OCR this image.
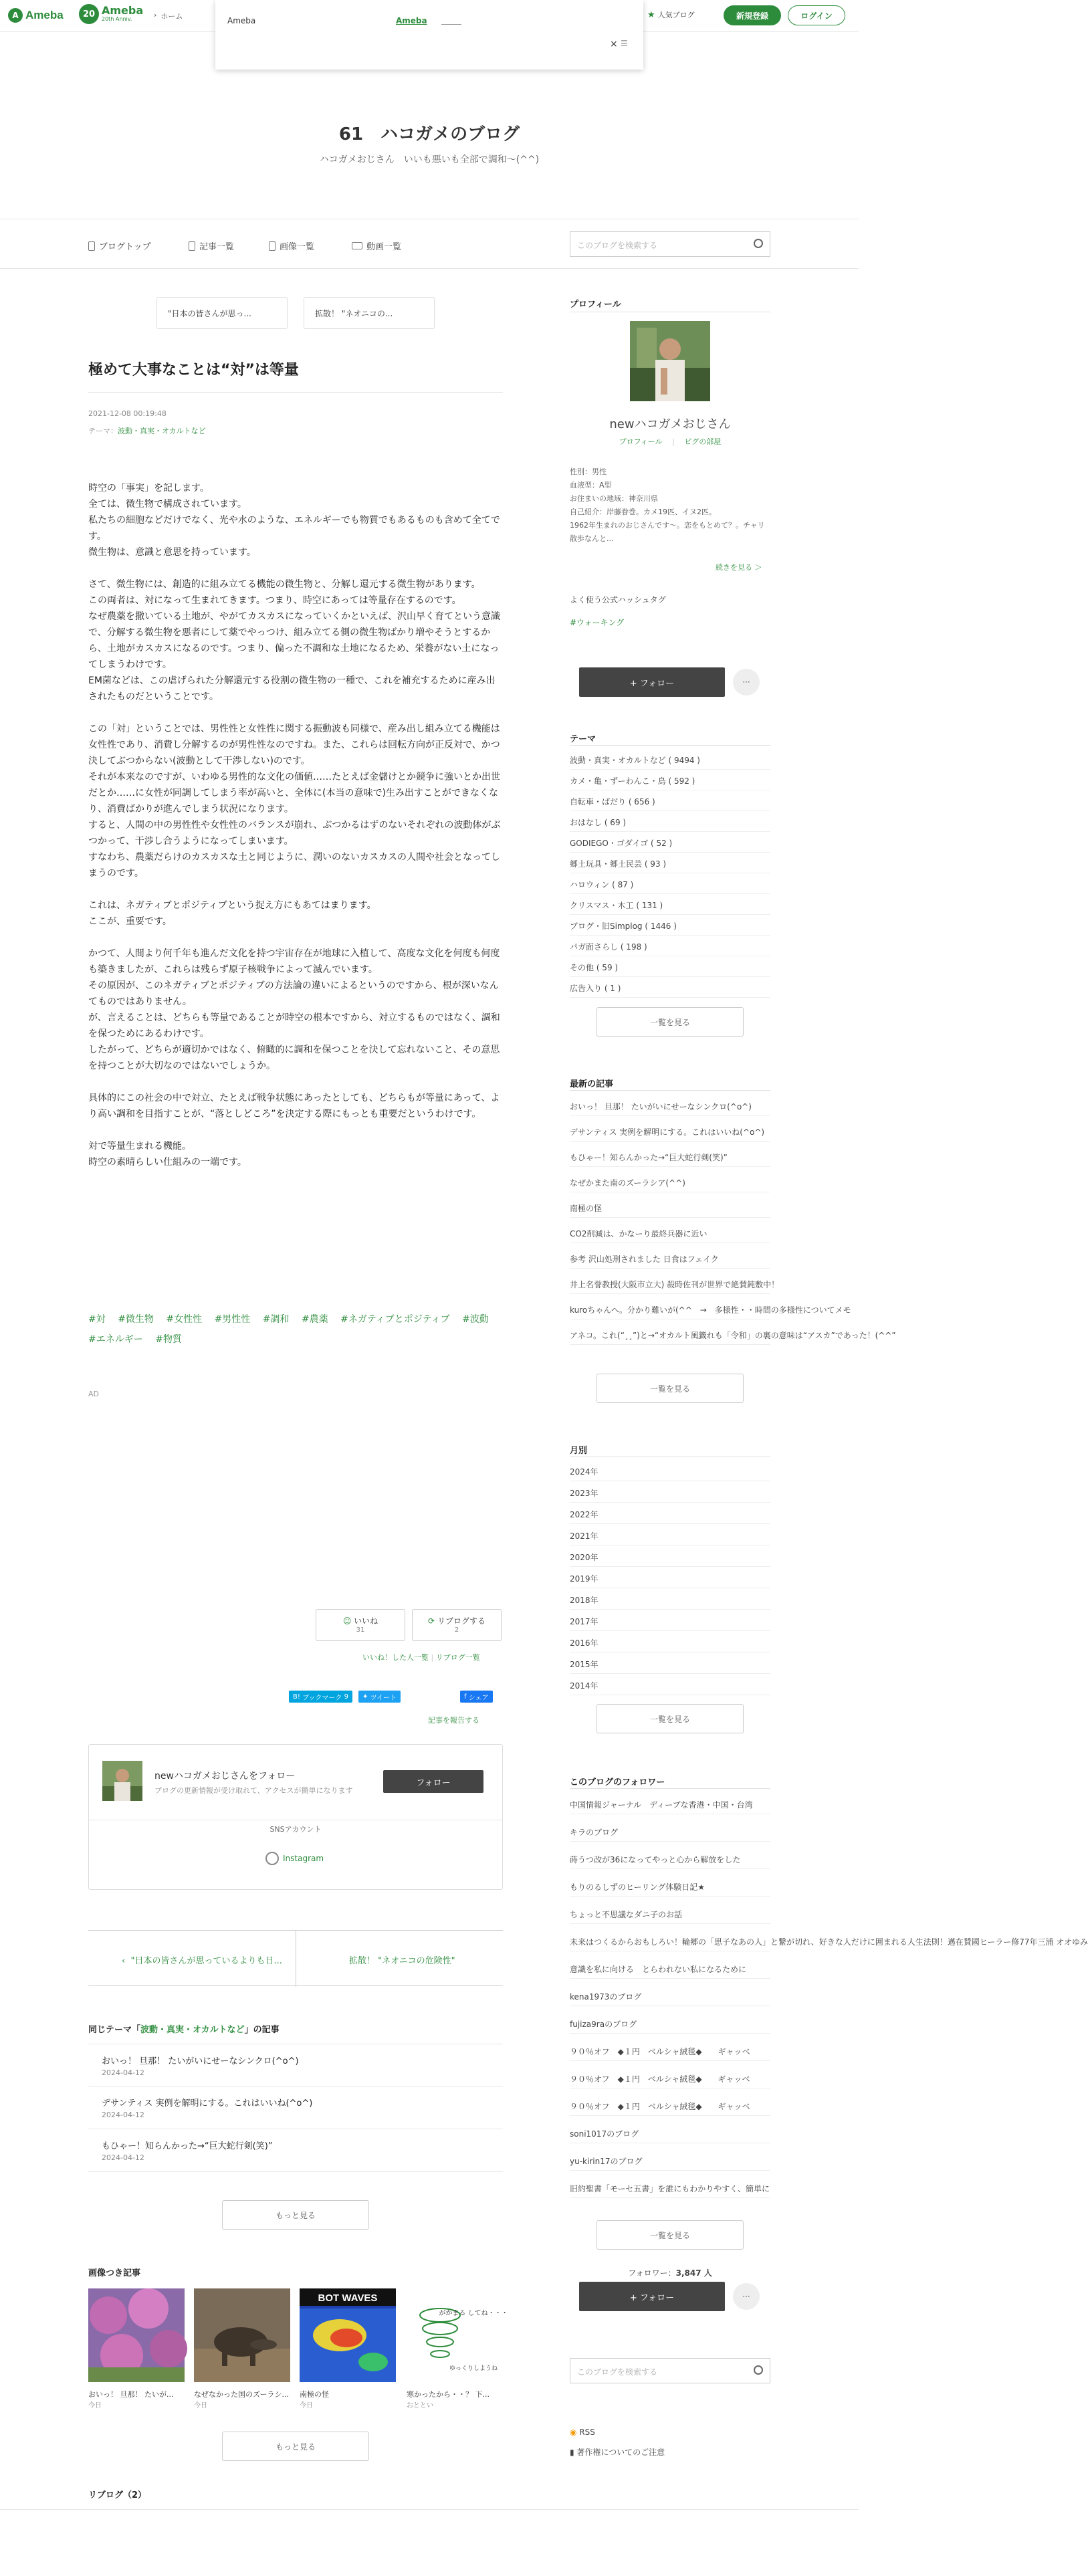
A Ameba	20 Ameba
20th Anniv.	› ホーム	★ 人気ブログ	新規登録	ログイン
Ameba	Ameba
× ☰
61　ハコガメのブログ
ハコガメおじさん　いいも悪いも全部で調和〜(^^)
ブログトップ	記事一覧	画像一覧	動画一覧	このブログを検索する
"日本の皆さんが思っ...	拡散！ "ネオニコの...
極めて大事なことは“対”は等量
2021-12-08 00:19:48
テーマ：波動・真実・オカルトなど

時空の「事実」を記します。
全ては、微生物で構成されています。
私たちの細胞などだけでなく、光や水のような、エネルギーでも物質でもあるものも含めて全てです。
微生物は、意識と意思を持っています。

さて、微生物には、創造的に組み立てる機能の微生物と、分解し還元する微生物があります。
この両者は、対になって生まれてきます。つまり、時空にあっては等量存在するのです。
なぜ農薬を撒いている土地が、やがてカスカスになっていくかといえば、沢山早く育てという意識で、分解する微生物を悪者にして薬でやっつけ、組み立てる側の微生物ばかり増やそうとするから、土地がカスカスになるのです。つまり、偏った不調和な土地になるため、栄養がない土になってしまうわけです。
EM菌などは、この虐げられた分解還元する役割の微生物の一種で、これを補充するために産み出されたものだということです。

この「対」ということでは、男性性と女性性に関する振動波も同様で、産み出し組み立てる機能は女性性であり、消費し分解するのが男性性なのですね。また、これらは回転方向が正反対で、かつ決してぶつからない(波動として干渉しない)のです。
それが本来なのですが、いわゆる男性的な文化の価値……たとえば金儲けとか競争に強いとか出世だとか……に女性が同調してしまう率が高いと、全体に(本当の意味で)生み出すことができなくなり、消費ばかりが進んでしまう状況になります。
すると、人間の中の男性性や女性性のバランスが崩れ、ぶつかるはずのないそれぞれの波動体がぶつかって、干渉し合うようになってしまいます。
すなわち、農薬だらけのカスカスな土と同じように、潤いのないカスカスの人間や社会となってしまうのです。

これは、ネガティブとポジティブという捉え方にもあてはまります。
ここが、重要です。

かつて、人間より何千年も進んだ文化を持つ宇宙存在が地球に入植して、高度な文化を何度も何度も築きましたが、これらは残らず原子核戦争によって滅んでいます。
その原因が、このネガティブとポジティブの方法論の違いによるというのですから、根が深いなんてものではありません。
が、言えることは、どちらも等量であることが時空の根本ですから、対立するものではなく、調和を保つためにあるわけです。
したがって、どちらが適切かではなく、俯瞰的に調和を保つことを決して忘れないこと、その意思を持つことが大切なのではないでしょうか。

具体的にこの社会の中で対立、たとえば戦争状態にあったとしても、どちらもが等量にあって、より高い調和を目指すことが、“落としどころ”を決定する際にもっとも重要だというわけです。

対で等量生まれる機能。
時空の素晴らしい仕組みの一端です。

#対 #微生物 #女性性 #男性性 #調和 #農薬 #ネガティブとポジティブ #波動 #エネルギー #物質
AD
☺ いいね
31
⟳ リブログする
2
いいね！した人一覧 | リブログ一覧
B! ブックマーク
9 ✦ ツイート	f シェア
記事を報告する
newハコガメおじさんをフォロー
ブログの更新情報が受け取れて、アクセスが簡単になります
フォロー
SNSアカウント
Instagram
‹  "日本の皆さんが思っているよりも日...	拡散！ "ネオニコの危険性"
同じテーマ「波動・真実・オカルトなど」の記事
おいっ！ 旦那！ たいがいにせーなシンクロ(^o^)
2024-04-12
デサンティス 実例を解明にする。これはいいね(^o^)
2024-04-12
もひゃー！知らんかった→“巨大蛇行剣(笑)”
2024-04-12
もっと見る
画像つき記事
おいっ！ 旦那！ たいが...
今日
なぜなかった国のズーラシ...
今日
BOT WAVES
南極の怪
今日
がかまる してね・・・
ゆっくりしようね
寒かったから・・？ 下...
おととい
もっと見る
リブログ（2）
プロフィール
newハコガメおじさん
プロフィール 　|　 ピグの部屋
性別：男性
血液型：A型
お住まいの地域：神奈川県
自己紹介：岸藤眷巻。カメ19匹、イヌ2匹。
1962年生まれのおじさんです〜。恋をもとめて？。チャリ散歩なんと...
続きを見る ＞
よく使う公式ハッシュタグ
#ウォーキング
+ フォロー	···
テーマ
波動・真実・オカルトなど ( 9494 )
カメ・亀・ずーわんこ・鳥 ( 592 )
自転車・ぱだり ( 656 )
おはなし ( 69 )
GODIEGO・ゴダイゴ ( 52 )
郷土玩具・郷土民芸 ( 93 )
ハロウィン ( 87 )
クリスマス・木工 ( 131 )
ブログ・旧Simplog ( 1446 )
パガ面さらし ( 198 )
その他 ( 59 )
広告入り ( 1 )
一覧を見る
最新の記事
おいっ！ 旦那！ たいがいにせーなシンクロ(^o^)
デサンティス 実例を解明にする。これはいいね(^o^)
もひゃー！知らんかった→“巨大蛇行剣(笑)”
なぜかまた南のズーラシア(^^)
南極の怪
CO2削減は、かなーり最終兵器に近い
参考 沢山処刑されました 日食はフェイク
井上名誉教授(大阪市立大) 殺時佐刊が世界で絶賛鈍敷中！
kuroちゃんへ。分かり難いが(^^　→　多様性・・時間の多様性についてメモ
アネコ。これ(“¸¸”)と→“オカルト風籤れも「令和」の裏の意味は“アスカ”であった！(^^”
一覧を見る
月別
2024年
2023年
2022年
2021年
2020年
2019年
2018年
2017年
2016年
2015年
2014年
一覧を見る
このブログのフォロワー
中国情報ジャーナル　ディープな香港・中国・台湾
キラのブログ
蒔うつ改が36になってやっと心から解放をした
もりのるしずのヒーリング体験日記★
ちょっと不思議なダニ子のお話
未来はつくるからおもしろい！輪郷の「思子なあの人」と繋が切れ、好きな人だけに囲まれる人生法則！邁在賛國ヒーラー修77年三浦 オオゆみ
意識を私に向ける　とらわれない私になるために
kena1973のブログ
fujiza9raのブログ
９０％オフ　◆１円　ベルシャ絨毯◆　　ギャッベ
９０％オフ　◆１円　ベルシャ絨毯◆　　ギャッベ
９０％オフ　◆１円　ベルシャ絨毯◆　　ギャッベ
soni1017のブログ
yu-kirin17のブログ
旧約聖書「モーセ五書」を誰にもわかりやすく、簡単に
一覧を見る
フォロワー：3,847 人
+ フォロー	···
このブログを検索する
◉ RSS
▮ 著作権についてのご注意
